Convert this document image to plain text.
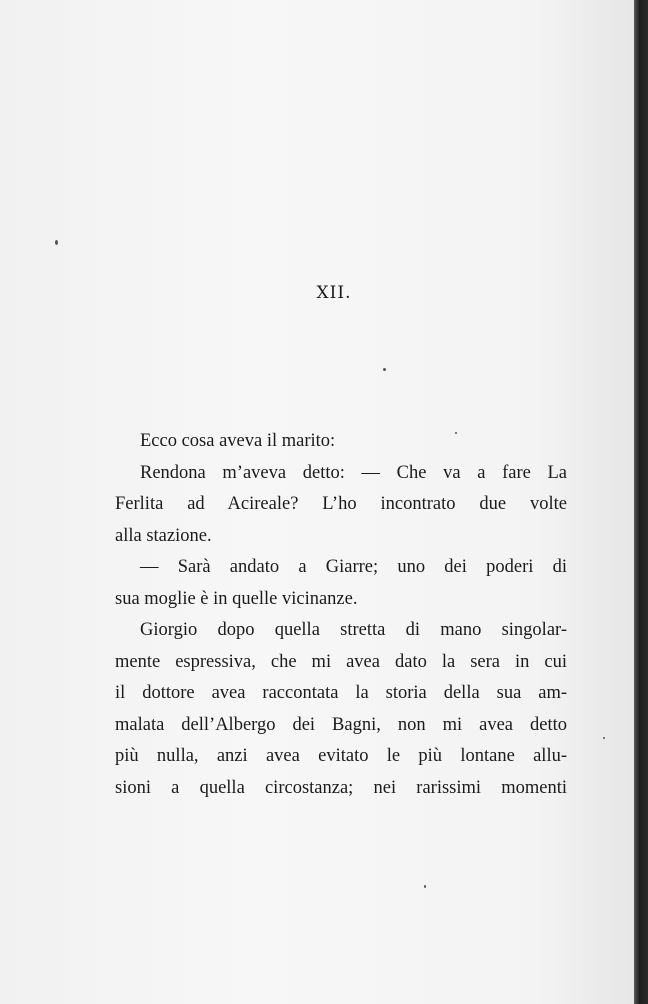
XII.
Ecco cosa aveva il marito:
Rendona m’aveva detto: — Che va a fare La
Ferlita ad Acireale? L’ho incontrato due volte
alla stazione.
— Sarà andato a Giarre; uno dei poderi di
sua moglie è in quelle vicinanze.
Giorgio dopo quella stretta di mano singolar-
mente espressiva, che mi avea dato la sera in cui
il dottore avea raccontata la storia della sua am-
malata dell’Albergo dei Bagni, non mi avea detto
più nulla, anzi avea evitato le più lontane allu-
sioni a quella circostanza; nei rarissimi momenti
